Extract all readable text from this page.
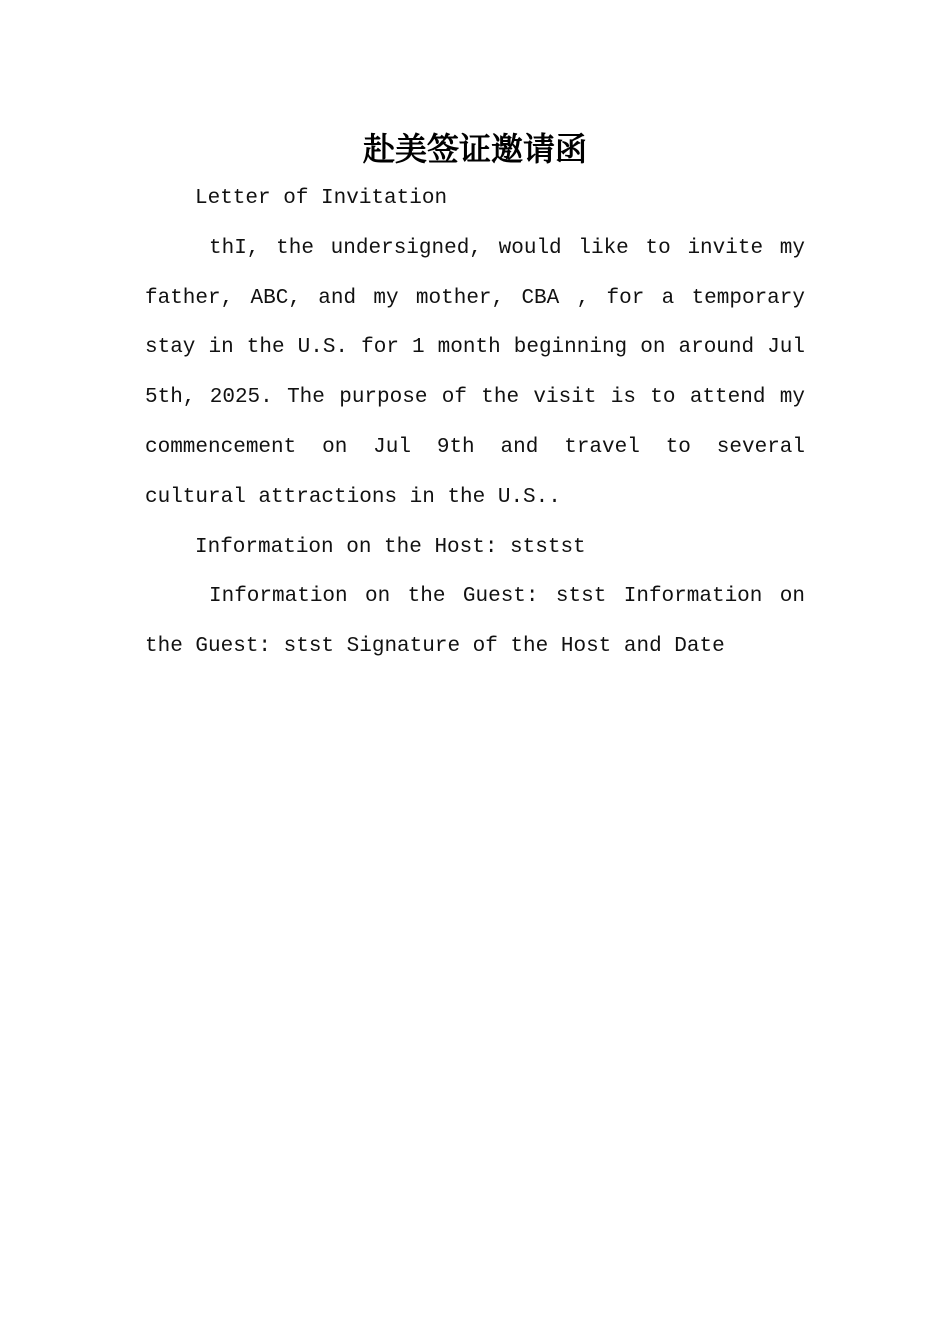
赴美签证邀请函

Letter of Invitation

thI, the undersigned, would like to invite my father, ABC, and my mother, CBA , for a temporary stay in the U.S. for 1 month beginning on around Jul 5th, 2025. The purpose of the visit is to attend my commencement on Jul 9th and travel to several cultural attractions in the U.S..

Information on the Host: ststst

Information on the Guest: stst Information on the Guest: stst Signature of the Host and Date
